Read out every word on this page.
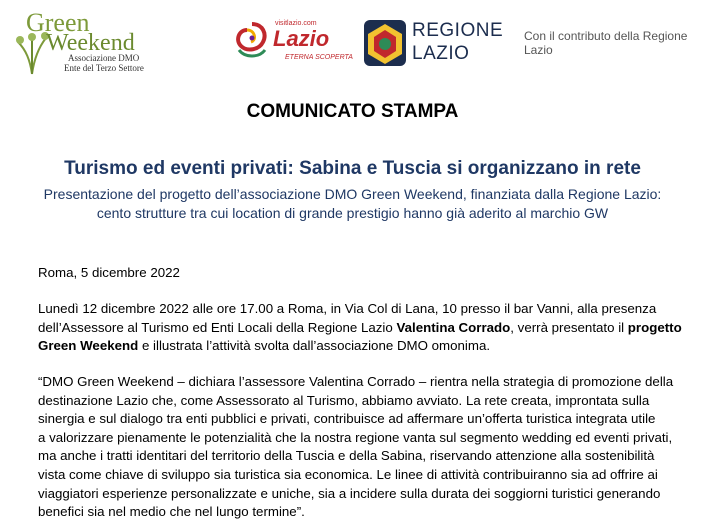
Green
Weekend
Associazione DMO
Ente del Terzo Settore
visitlazio.com
Lazio
ETERNA SCOPERTA
REGIONE
LAZIO
Con il contributo della Regione Lazio
COMUNICATO STAMPA
Turismo ed eventi privati: Sabina e Tuscia si organizzano in rete
Presentazione del progetto dell’associazione DMO Green Weekend, finanziata dalla Regione Lazio:
cento strutture tra cui location di grande prestigio hanno già aderito al marchio GW
Roma, 5 dicembre 2022
Lunedì 12 dicembre 2022 alle ore 17.00 a Roma, in Via Col di Lana, 10 presso il bar Vanni, alla presenza
dell’Assessore al Turismo ed Enti Locali della Regione Lazio Valentina Corrado, verrà presentato il progetto
Green Weekend e illustrata l’attività svolta dall’associazione DMO omonima.
“DMO Green Weekend – dichiara l’assessore Valentina Corrado – rientra nella strategia di promozione della
destinazione Lazio che, come Assessorato al Turismo, abbiamo avviato. La rete creata, improntata sulla
sinergia e sul dialogo tra enti pubblici e privati, contribuisce ad affermare un’offerta turistica integrata utile
a valorizzare pienamente le potenzialità che la nostra regione vanta sul segmento wedding ed eventi privati,
ma anche i tratti identitari del territorio della Tuscia e della Sabina, riservando attenzione alla sostenibilità
vista come chiave di sviluppo sia turistica sia economica. Le linee di attività contribuiranno sia ad offrire ai
viaggiatori esperienze personalizzate e uniche, sia a incidere sulla durata dei soggiorni turistici generando
benefici sia nel medio che nel lungo termine”.
